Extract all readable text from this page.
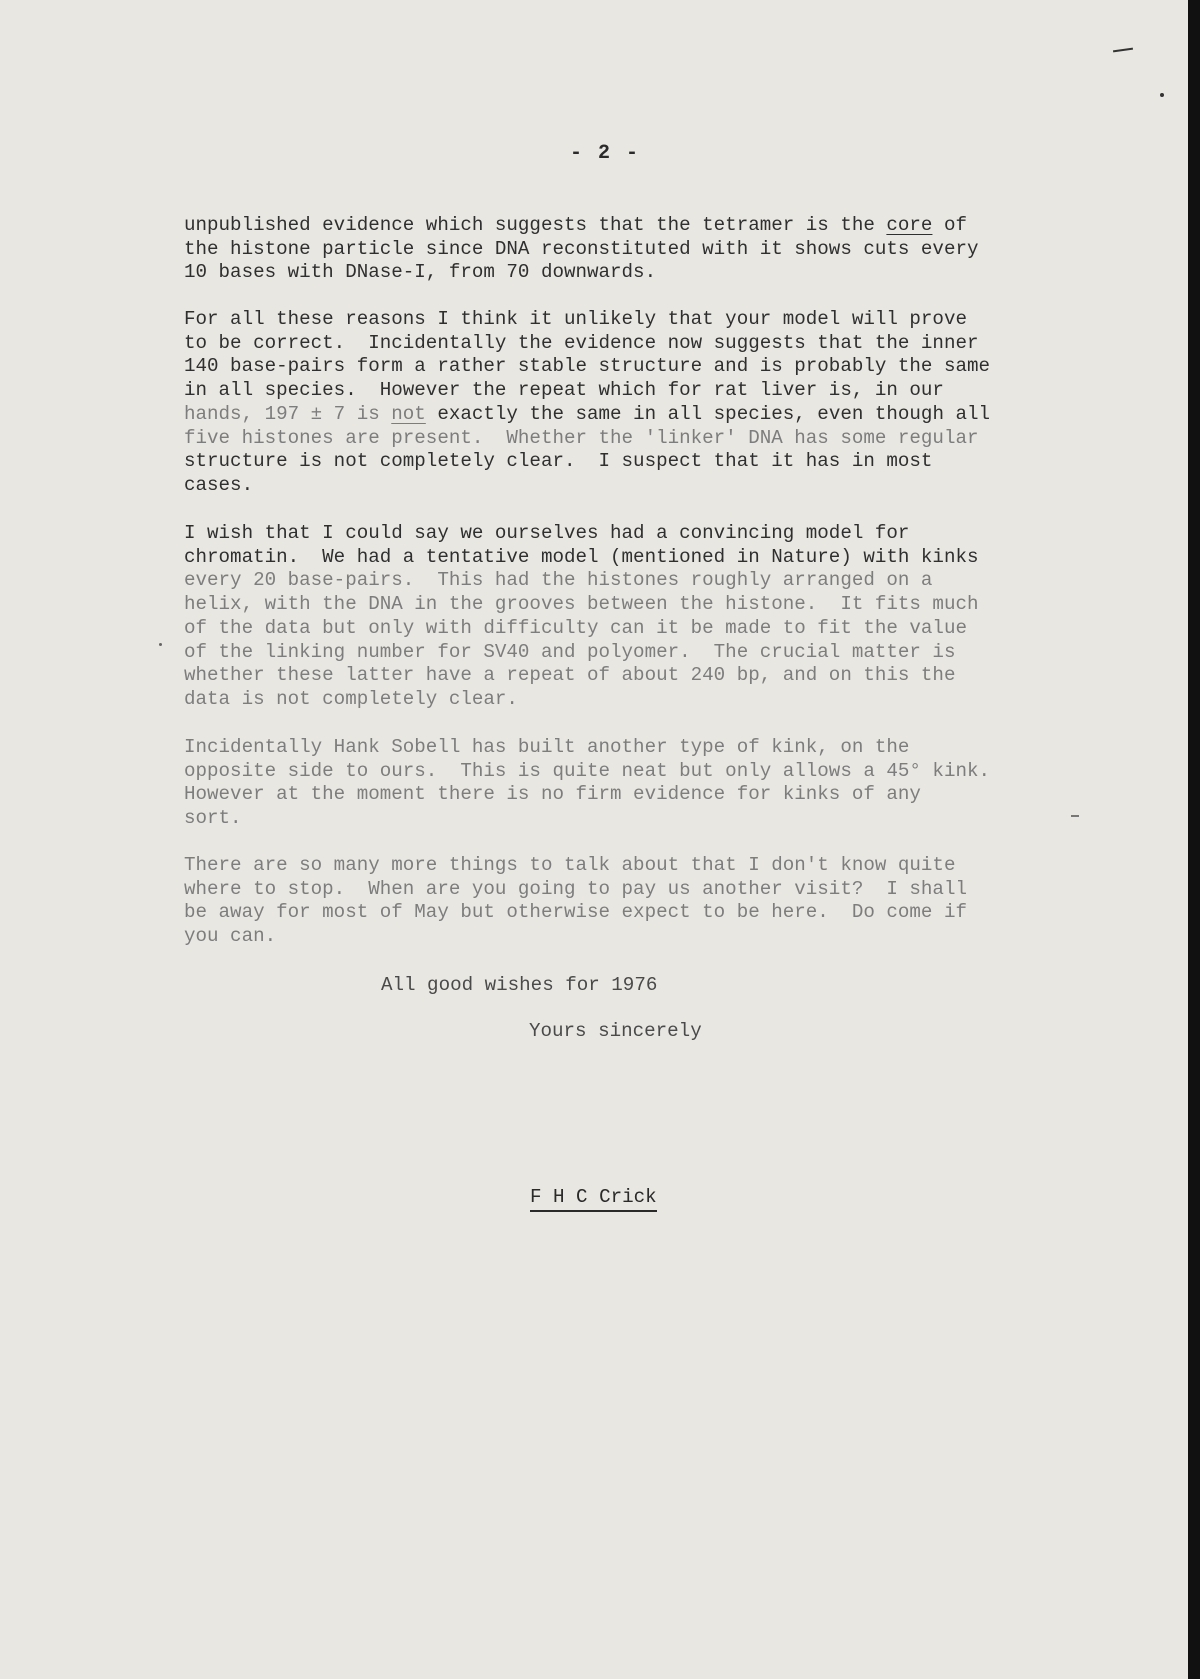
- 2 -
unpublished evidence which suggests that the tetramer is the core of
the histone particle since DNA reconstituted with it shows cuts every
10 bases with DNase-I, from 70 downwards.
For all these reasons I think it unlikely that your model will prove
to be correct.  Incidentally the evidence now suggests that the inner
140 base-pairs form a rather stable structure and is probably the same
in all species.  However the repeat which for rat liver is, in our
hands, 197 ± 7 is not exactly the same in all species, even though all
five histones are present.  Whether the 'linker' DNA has some regular
structure is not completely clear.  I suspect that it has in most
cases.
I wish that I could say we ourselves had a convincing model for
chromatin.  We had a tentative model (mentioned in Nature) with kinks
every 20 base-pairs.  This had the histones roughly arranged on a
helix, with the DNA in the grooves between the histone.  It fits much
of the data but only with difficulty can it be made to fit the value
of the linking number for SV40 and polyomer.  The crucial matter is
whether these latter have a repeat of about 240 bp, and on this the
data is not completely clear.
Incidentally Hank Sobell has built another type of kink, on the
opposite side to ours.  This is quite neat but only allows a 45° kink.
However at the moment there is no firm evidence for kinks of any
sort.
There are so many more things to talk about that I don't know quite
where to stop.  When are you going to pay us another visit?  I shall
be away for most of May but otherwise expect to be here.  Do come if
you can.
All good wishes for 1976
Yours sincerely
F H C Crick
